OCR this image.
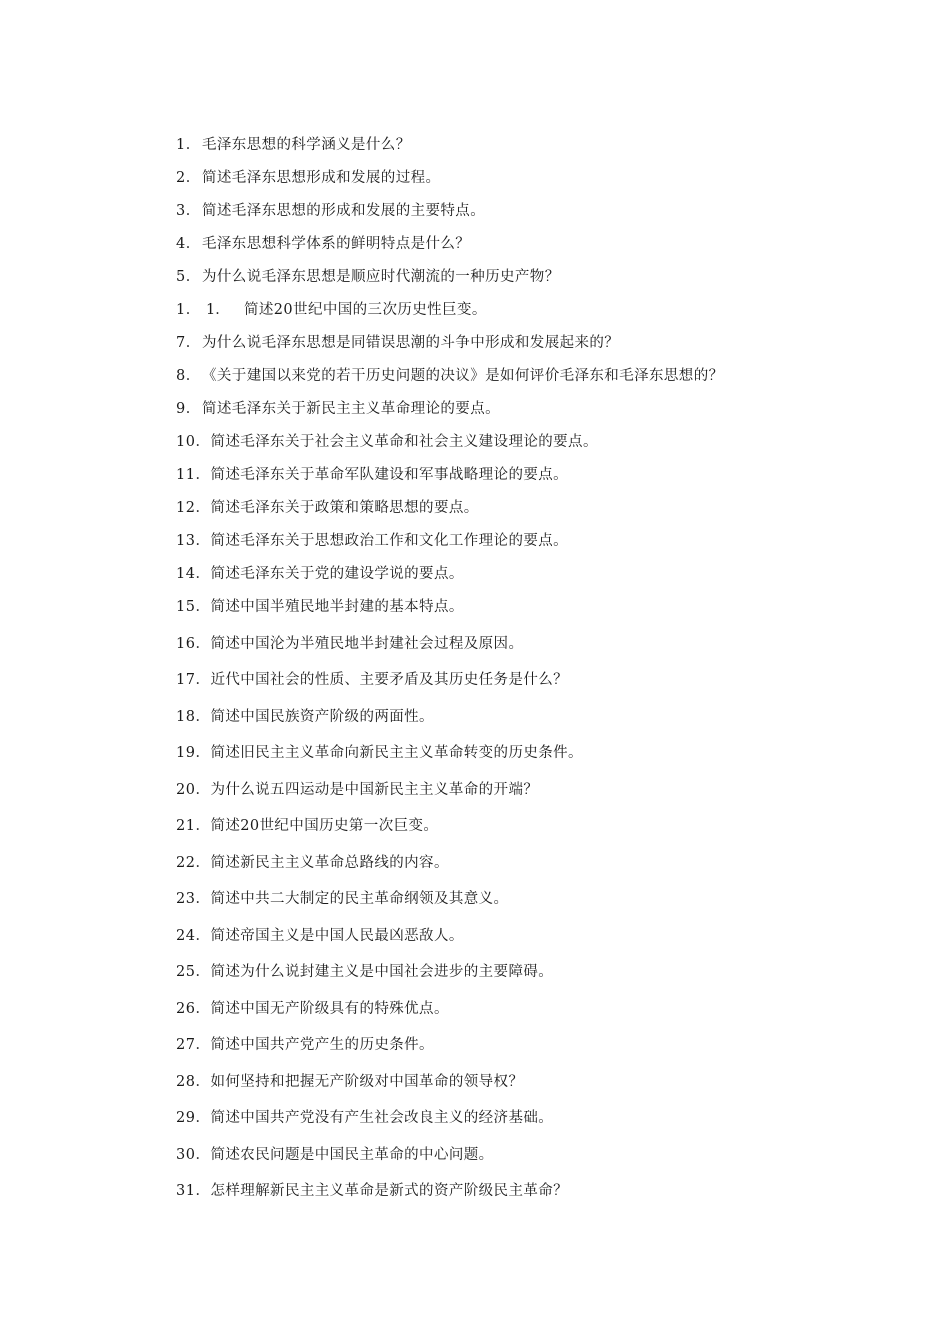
1． 毛泽东思想的科学涵义是什么？
2． 简述毛泽东思想形成和发展的过程。
3． 简述毛泽东思想的形成和发展的主要特点。
4． 毛泽东思想科学体系的鲜明特点是什么？
5． 为什么说毛泽东思想是顺应时代潮流的一种历史产物？
1． 1． 简述20世纪中国的三次历史性巨变。
7． 为什么说毛泽东思想是同错误思潮的斗争中形成和发展起来的？
8． 《关于建国以来党的若干历史问题的决议》是如何评价毛泽东和毛泽东思想的？
9． 简述毛泽东关于新民主主义革命理论的要点。
10． 简述毛泽东关于社会主义革命和社会主义建设理论的要点。
11． 简述毛泽东关于革命军队建设和军事战略理论的要点。
12． 简述毛泽东关于政策和策略思想的要点。
13． 简述毛泽东关于思想政治工作和文化工作理论的要点。
14． 简述毛泽东关于党的建设学说的要点。
15． 简述中国半殖民地半封建的基本特点。
16． 简述中国沦为半殖民地半封建社会过程及原因。
17． 近代中国社会的性质、主要矛盾及其历史任务是什么？
18． 简述中国民族资产阶级的两面性。
19． 简述旧民主主义革命向新民主主义革命转变的历史条件。
20． 为什么说五四运动是中国新民主主义革命的开端？
21． 简述20世纪中国历史第一次巨变。
22． 简述新民主主义革命总路线的内容。
23． 简述中共二大制定的民主革命纲领及其意义。
24． 简述帝国主义是中国人民最凶恶敌人。
25． 简述为什么说封建主义是中国社会进步的主要障碍。
26． 简述中国无产阶级具有的特殊优点。
27． 简述中国共产党产生的历史条件。
28． 如何坚持和把握无产阶级对中国革命的领导权？
29． 简述中国共产党没有产生社会改良主义的经济基础。
30． 简述农民问题是中国民主革命的中心问题。
31． 怎样理解新民主主义革命是新式的资产阶级民主革命？
